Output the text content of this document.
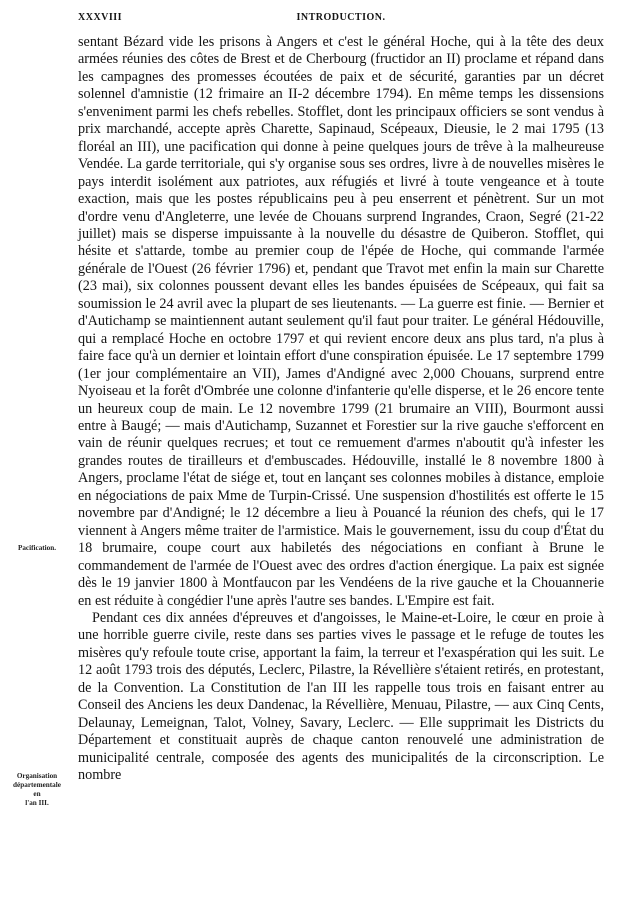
XXXVIII	INTRODUCTION.
Pacification.
Organisation
départementale
en
l'an III.

sentant Bézard vide les prisons à Angers et c'est le général Hoche, qui à la tête des deux armées réunies des côtes de Brest et de Cherbourg (fructidor an II) proclame et répand dans les campagnes des promesses écoutées de paix et de sécurité, garanties par un décret solennel d'amnistie (12 frimaire an II-2 décembre 1794). En même temps les dissensions s'enveniment parmi les chefs rebelles. Stofflet, dont les principaux officiers se sont vendus à prix marchandé, accepte après Charette, Sapinaud, Scépeaux, Dieusie, le 2 mai 1795 (13 floréal an III), une pacification qui donne à peine quelques jours de trêve à la malheureuse Vendée. La garde territoriale, qui s'y organise sous ses ordres, livre à de nouvelles misères le pays interdit isolément aux patriotes, aux réfugiés et livré à toute vengeance et à toute exaction, mais que les postes républicains peu à peu enserrent et pénètrent. Sur un mot d'ordre venu d'Angleterre, une levée de Chouans surprend Ingrandes, Craon, Segré (21-22 juillet) mais se disperse impuissante à la nouvelle du désastre de Quiberon. Stofflet, qui hésite et s'attarde, tombe au premier coup de l'épée de Hoche, qui commande l'armée générale de l'Ouest (26 février 1796) et, pendant que Travot met enfin la main sur Charette (23 mai), six colonnes poussent devant elles les bandes épuisées de Scépeaux, qui fait sa soumission le 24 avril avec la plupart de ses lieutenants. — La guerre est finie. — Bernier et d'Autichamp se maintiennent autant seulement qu'il faut pour traiter. Le général Hédouville, qui a remplacé Hoche en octobre 1797 et qui revient encore deux ans plus tard, n'a plus à faire face qu'à un dernier et lointain effort d'une conspiration épuisée. Le 17 septembre 1799 (1er jour complémentaire an VII), James d'Andigné avec 2,000 Chouans, surprend entre Nyoiseau et la forêt d'Ombrée une colonne d'infanterie qu'elle disperse, et le 26 encore tente un heureux coup de main. Le 12 novembre 1799 (21 brumaire an VIII), Bourmont aussi entre à Baugé; — mais d'Autichamp, Suzannet et Forestier sur la rive gauche s'efforcent en vain de réunir quelques recrues; et tout ce remuement d'armes n'aboutit qu'à infester les grandes routes de tirailleurs et d'embuscades. Hédouville, installé le 8 novembre 1800 à Angers, proclame l'état de siége et, tout en lançant ses colonnes mobiles à distance, emploie en négociations de paix Mme de Turpin-Crissé. Une suspension d'hostilités est offerte le 15 novembre par d'Andigné; le 12 décembre a lieu à Pouancé la réunion des chefs, qui le 17 viennent à Angers même traiter de l'armistice. Mais le gouvernement, issu du coup d'État du 18 brumaire, coupe court aux habiletés des négociations en confiant à Brune le commandement de l'armée de l'Ouest avec des ordres d'action énergique. La paix est signée dès le 19 janvier 1800 à Montfaucon par les Vendéens de la rive gauche et la Chouannerie en est réduite à congédier l'une après l'autre ses bandes. L'Empire est fait.

Pendant ces dix années d'épreuves et d'angoisses, le Maine-et-Loire, le cœur en proie à une horrible guerre civile, reste dans ses parties vives le passage et le refuge de toutes les misères qu'y refoule toute crise, apportant la faim, la terreur et l'exaspération qui les suit. Le 12 août 1793 trois des députés, Leclerc, Pilastre, la Révellière s'étaient retirés, en protestant, de la Convention. La Constitution de l'an III les rappelle tous trois en faisant entrer au Conseil des Anciens les deux Dandenac, la Révellière, Menuau, Pilastre, — aux Cinq Cents, Delaunay, Lemeignan, Talot, Volney, Savary, Leclerc. — Elle supprimait les Districts du Département et constituait auprès de chaque canton renouvelé une administration de municipalité centrale, composée des agents des municipalités de la circonscription. Le nombre
